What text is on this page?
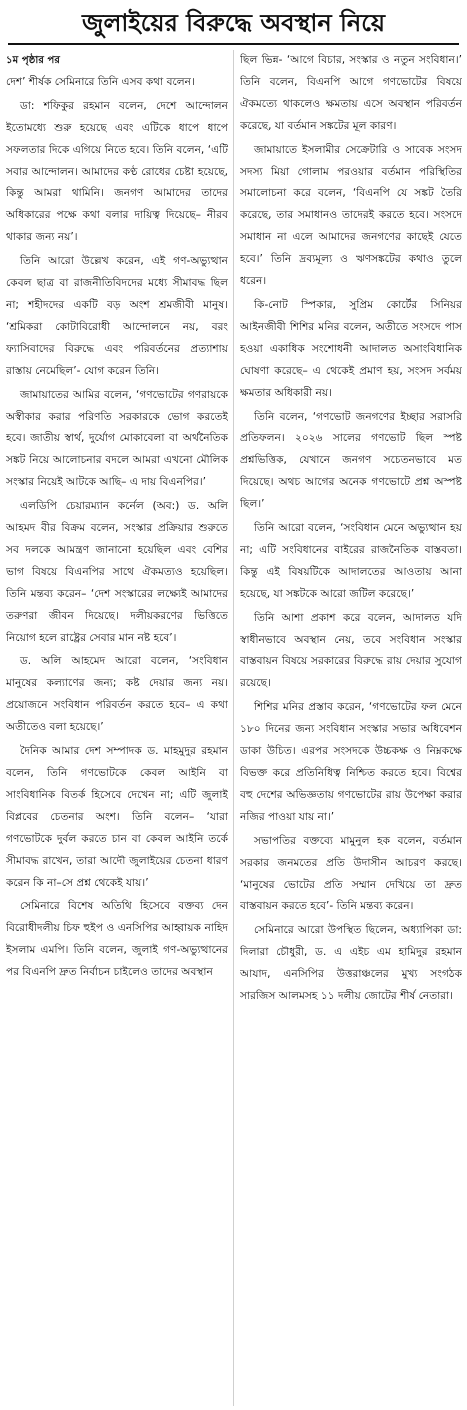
জুলাইয়ের বিরুদ্ধে অবস্থান নিয়ে
১ম পৃষ্ঠার পর

দেশ’ শীর্ষক সেমিনারে তিনি এসব কথা বলেন।

ডা: শফিকুর রহমান বলেন, দেশে আন্দোলন ইতোমধ্যে শুরু হয়েছে এবং এটিকে ধাপে ধাপে সফলতার দিকে এগিয়ে নিতে হবে। তিনি বলেন, ‘এটি সবার আন্দোলন। আমাদের কণ্ঠ রোধের চেষ্টা হয়েছে, কিন্তু আমরা থামিনি। জনগণ আমাদের তাদের অধিকারের পক্ষে কথা বলার দায়িত্ব দিয়েছে– নীরব থাকার জন্য নয়’।

তিনি আরো উল্লেখ করেন, এই গণ-অভ্যুত্থান কেবল ছাত্র বা রাজনীতিবিদদের মধ্যে সীমাবদ্ধ ছিল না; শহীদদের একটি বড় অংশ শ্রমজীবী মানুষ। ‘শ্রমিকরা কোটাবিরোধী আন্দোলনে নয়, বরং ফ্যাসিবাদের বিরুদ্ধে এবং পরিবর্তনের প্রত্যাশায় রাস্তায় নেমেছিল’- যোগ করেন তিনি।

জামায়াতের আমির বলেন, ‘গণভোটের গণরায়কে অস্বীকার করার পরিণতি সরকারকে ভোগ করতেই হবে। জাতীয় স্বার্থ, দুর্যোগ মোকাবেলা বা অর্থনৈতিক সঙ্কট নিয়ে আলোচনার বদলে আমরা এখনো মৌলিক সংস্কার নিয়েই আটকে আছি– এ দায় বিএনপির।’

এলডিপি চেয়ারম্যান কর্নেল (অব:) ড. অলি আহমদ বীর বিক্রম বলেন, সংস্কার প্রক্রিয়ার শুরুতে সব দলকে আমন্ত্রণ জানানো হয়েছিল এবং বেশির ভাগ বিষয়ে বিএনপির সাথে ঐকমত্যও হয়েছিল। তিনি মন্তব্য করেন– ‘দেশ সংস্কারের লক্ষ্যেই আমাদের তরুণরা জীবন দিয়েছে। দলীয়করণের ভিত্তিতে নিয়োগ হলে রাষ্ট্রের সেবার মান নষ্ট হবে’।

ড. অলি আহমেদ আরো বলেন, ‘সংবিধান মানুষের কল্যাণের জন্য; কষ্ট দেয়ার জন্য নয়। প্রয়োজনে সংবিধান পরিবর্তন করতে হবে– এ কথা অতীতেও বলা হয়েছে।’

দৈনিক আমার দেশ সম্পাদক ড. মাহমুদুর রহমান বলেন, তিনি গণভোটকে কেবল আইনি বা সাংবিধানিক বিতর্ক হিসেবে দেখেন না; এটি জুলাই বিপ্লবের চেতনার অংশ। তিনি বলেন– ‘যারা গণভোটকে দুর্বল করতে চান বা কেবল আইনি তর্কে সীমাবদ্ধ রাখেন, তারা আদৌ জুলাইয়ের চেতনা ধারণ করেন কি না–সে প্রশ্ন থেকেই যায়।’

সেমিনারে বিশেষ অতিথি হিসেবে বক্তব্য দেন বিরোধীদলীয় চিফ হুইপ ও এনসিপির আহ্বায়ক নাহিদ ইসলাম এমপি। তিনি বলেন, জুলাই গণ-অভ্যুত্থানের পর বিএনপি দ্রুত নির্বাচন চাইলেও তাদের অবস্থান

ছিল ভিন্ন- ‘আগে বিচার, সংস্কার ও নতুন সংবিধান।’ তিনি বলেন, বিএনপি আগে গণভোটের বিষয়ে ঐকমত্যে থাকলেও ক্ষমতায় এসে অবস্থান পরিবর্তন করেছে, যা বর্তমান সঙ্কটের মূল কারণ।

জামায়াতে ইসলামীর সেক্রেটারি ও সাবেক সংসদ সদস্য মিয়া গোলাম পরওয়ার বর্তমান পরিস্থিতির সমালোচনা করে বলেন, ‘বিএনপি যে সঙ্কট তৈরি করেছে, তার সমাধানও তাদেরই করতে হবে। সংসদে সমাধান না এলে আমাদের জনগণের কাছেই যেতে হবে।’ তিনি দ্রব্যমূল্য ও ঋণসঙ্কটের কথাও তুলে ধরেন।

কি-নোট স্পিকার, সুপ্রিম কোর্টের সিনিয়র আইনজীবী শিশির মনির বলেন, অতীতে সংসদে পাস হওয়া একাধিক সংশোধনী আদালত অসাংবিধানিক ঘোষণা করেছে– এ থেকেই প্রমাণ হয়, সংসদ সর্বময় ক্ষমতার অধিকারী নয়।

তিনি বলেন, ‘গণভোট জনগণের ইচ্ছার সরাসরি প্রতিফলন। ২০২৬ সালের গণভোট ছিল স্পষ্ট প্রশ্নভিত্তিক, যেখানে জনগণ সচেতনভাবে মত দিয়েছে। অথচ আগের অনেক গণভোটে প্রশ্ন অস্পষ্ট ছিল।’

তিনি আরো বলেন, ‘সংবিধান মেনে অভ্যুত্থান হয় না; এটি সংবিধানের বাইরের রাজনৈতিক বাস্তবতা। কিন্তু এই বিষয়টিকে আদালতের আওতায় আনা হয়েছে, যা সঙ্কটকে আরো জটিল করেছে।’

তিনি আশা প্রকাশ করে বলেন, আদালত যদি স্বাধীনভাবে অবস্থান নেয়, তবে সংবিধান সংস্কার বাস্তবায়ন বিষয়ে সরকারের বিরুদ্ধে রায় দেয়ার সুযোগ রয়েছে।

শিশির মনির প্রস্তাব করেন, ‘গণভোটের ফল মেনে ১৮০ দিনের জন্য সংবিধান সংস্কার সভার অধিবেশন ডাকা উচিত। এরপর সংসদকে উচ্চকক্ষ ও নিম্নকক্ষে বিভক্ত করে প্রতিনিধিত্ব নিশ্চিত করতে হবে। বিশ্বের বহু দেশের অভিজ্ঞতায় গণভোটের রায় উপেক্ষা করার নজির পাওয়া যায় না।’

সভাপতির বক্তব্যে মামুনুল হক বলেন, বর্তমান সরকার জনমতের প্রতি উদাসীন আচরণ করছে। ‘মানুষের ভোটের প্রতি সম্মান দেখিয়ে তা দ্রুত বাস্তবায়ন করতে হবে’- তিনি মন্তব্য করেন।

সেমিনারে আরো উপস্থিত ছিলেন, অধ্যাপিকা ডা: দিলারা চৌধুরী, ড. এ এইচ এম হামিদুর রহমান আযাদ, এনসিপির উত্তরাঞ্চলের মুখ্য সংগঠক সারজিস আলমসহ ১১ দলীয় জোটের শীর্ষ নেতারা।
